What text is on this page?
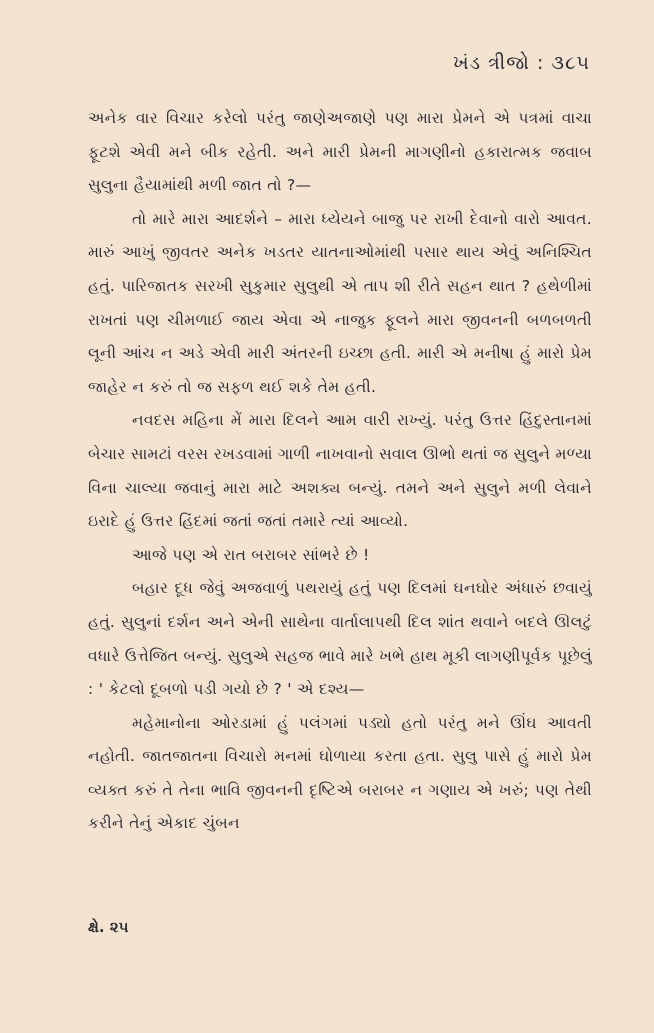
ખંડ ત્રીજો : ૩૮૫

અનેક વાર વિચાર કરેલો પરંતુ જાણેઅજાણે પણ મારા પ્રેમને એ પત્રમાં વાચા ફૂટશે એવી મને બીક રહેતી. અને મારી પ્રેમની માગણીનો હકારાત્મક જવાબ સુલુના હૈયામાંથી મળી જાત તો ?—

તો મારે મારા આદર્શને – મારા ધ્યેયને બાજુ પર રાખી દેવાનો વારો આવત. મારું આખું જીવતર અનેક ખડતર યાતનાઓમાંથી પસાર થાય એવું અનિશ્ચિત હતું. પારિજાતક સરખી સુકુમાર સુલુથી એ તાપ શી રીતે સહન થાત ? હથેળીમાં રાખતાં પણ ચીમળાઈ જાય એવા એ નાજુક ફૂલને મારા જીવનની બળબળતી લૂની આંચ ન અડે એવી મારી અંતરની ઇચ્છા હતી. મારી એ મનીષા હું મારો પ્રેમ જાહેર ન કરું તો જ સફળ થઈ શકે તેમ હતી.

નવદસ મહિના મેં મારા દિલને આમ વારી રાખ્યું. પરંતુ ઉત્તર હિંદુસ્તાનમાં બેચાર સામટાં વરસ રખડવામાં ગાળી નાખવાનો સવાલ ઊભો થતાં જ સુલુને મળ્યા વિના ચાલ્યા જવાનું મારા માટે અશક્ય બન્યું. તમને અને સુલુને મળી લેવાને ઇરાદે હું ઉત્તર હિંદમાં જતાં જતાં તમારે ત્યાં આવ્યો.

આજે પણ એ રાત બરાબર સાંભરે છે !

બહાર દૂધ જેવું અજવાળું પથરાયું હતું પણ દિલમાં ઘનઘોર અંધારું છવાયું હતું. સુલુનાં દર્શન અને એની સાથેના વાર્તાલાપથી દિલ શાંત થવાને બદલે ઊલટું વધારે ઉત્તેજિત બન્યું. સુલુએ સહજ ભાવે મારે ખભે હાથ મૂકી લાગણીપૂર્વક પૂછેલું : ' કેટલો દૂબળો પડી ગયો છે ? ' એ દશ્ય—

મહેમાનોના ઓરડામાં હું પલંગમાં પડ્યો હતો પરંતુ મને ઊંઘ આવતી નહોતી. જાતજાતના વિચારો મનમાં ઘોળાયા કરતા હતા. સુલુ પાસે હું મારો પ્રેમ વ્યક્ત કરું તે તેના ભાવિ જીવનની દૃષ્ટિએ બરાબર ન ગણાય એ ખરું; પણ તેથી કરીને તેનું એકાદ ચુંબન

ક્ષે. ૨૫
